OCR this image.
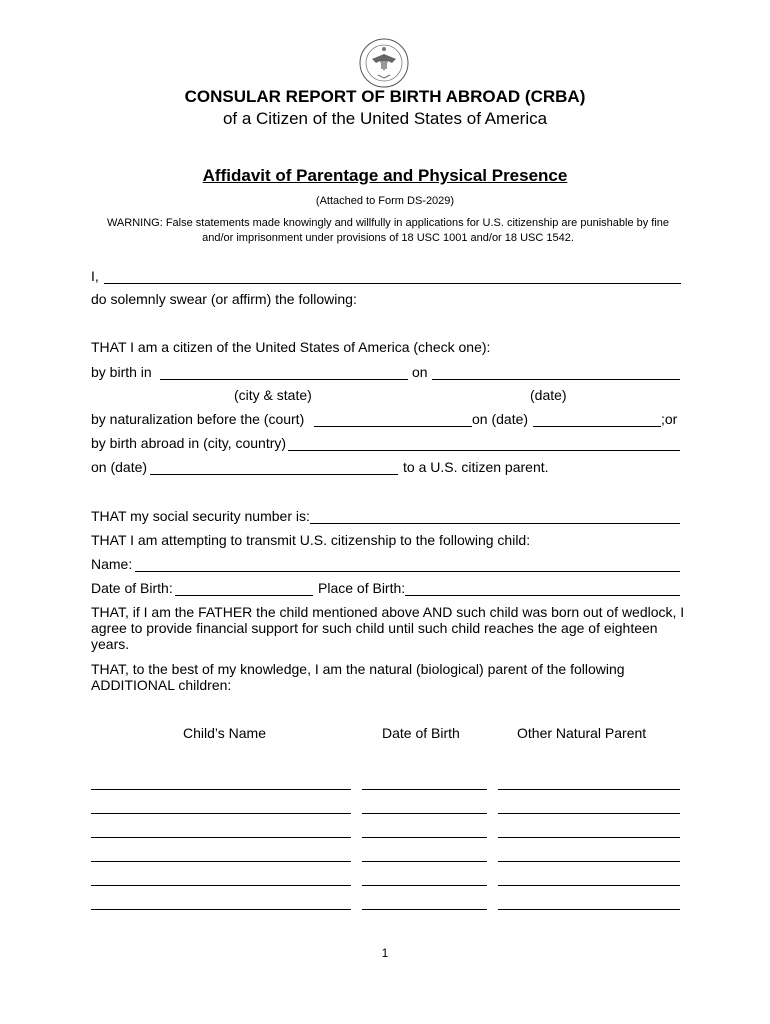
CONSULAR REPORT OF BIRTH ABROAD (CRBA)
of a Citizen of the United States of America
Affidavit of Parentage and Physical Presence
(Attached to Form DS-2029)
WARNING: False statements made knowingly and willfully in applications for U.S. citizenship are punishable by fine and/or imprisonment under provisions of 18 USC 1001 and/or 18 USC 1542.
I,
do solemnly swear (or affirm) the following:
THAT I am a citizen of the United States of America (check one):
by birth in	on
(city & state)	(date)
by naturalization before the (court)	on (date)	;or
by birth abroad in (city, country)
on (date)	to a U.S. citizen parent.
THAT my social security number is:
THAT I am attempting to transmit U.S. citizenship to the following child:
Name:
Date of Birth:	Place of Birth:
THAT, if I am the FATHER the child mentioned above AND such child was born out of wedlock, I agree to provide financial support for such child until such child reaches the age of eighteen years.
THAT, to the best of my knowledge, I am the natural (biological) parent of the following ADDITIONAL children:
Child’s Name	Date of Birth	Other Natural Parent
1
